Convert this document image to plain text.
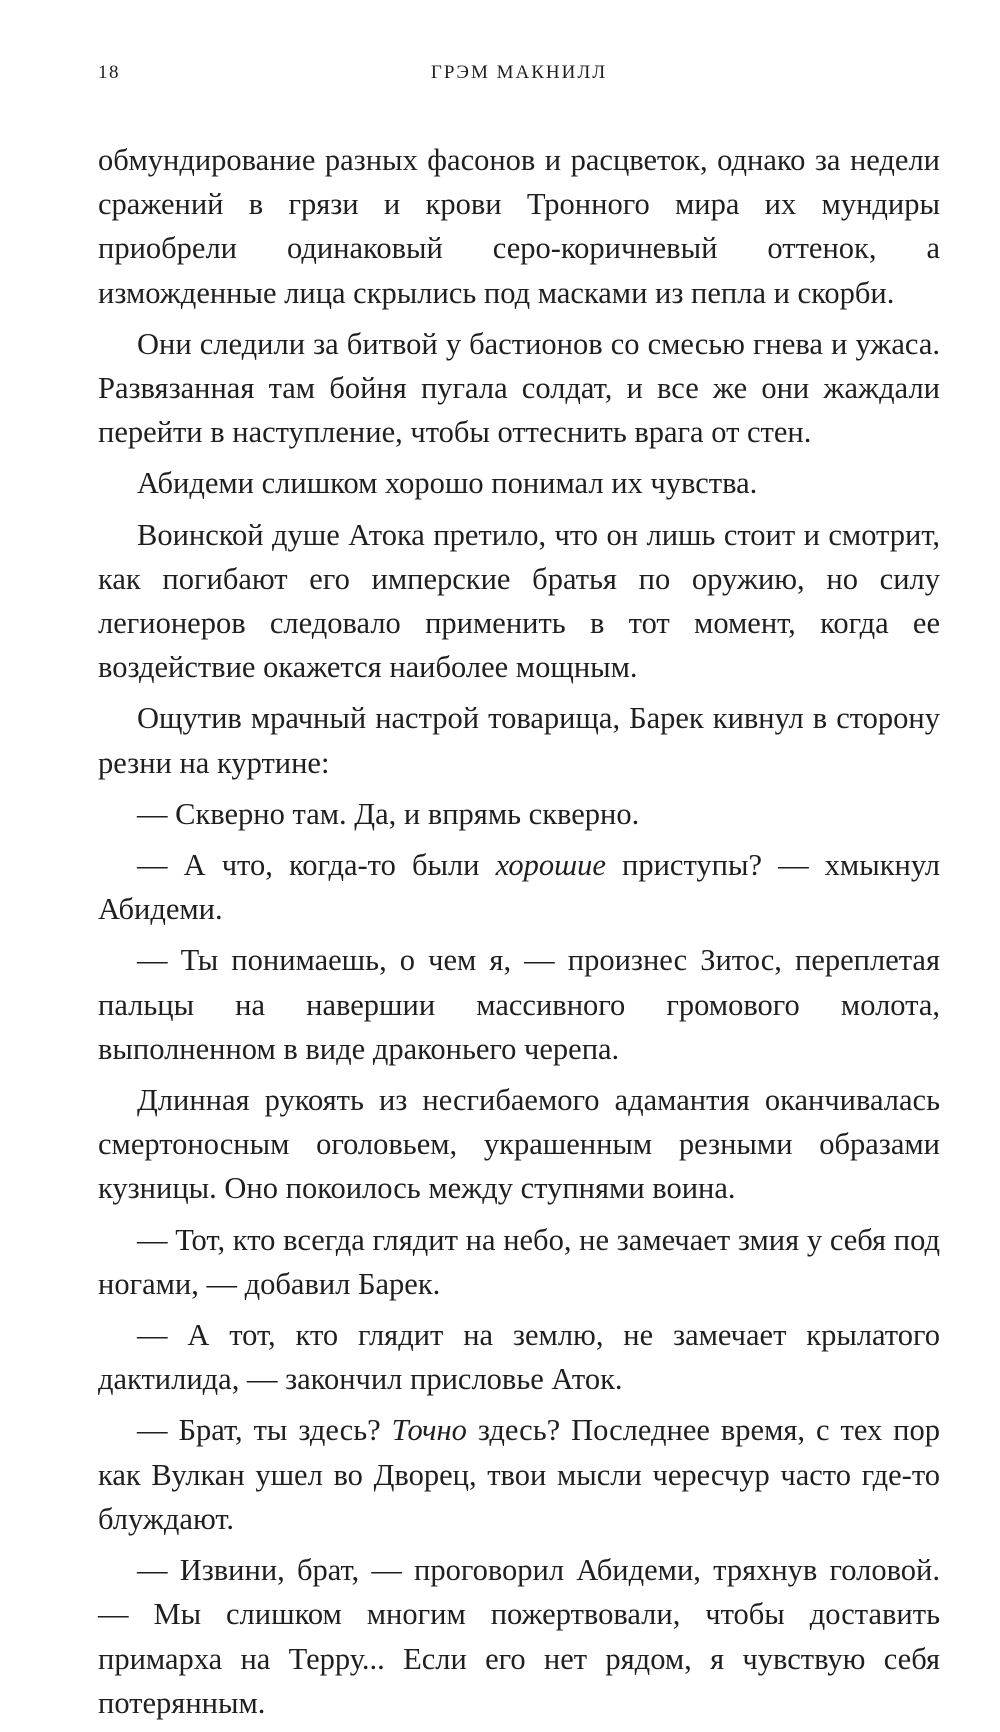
18	ГРЭМ МАКНИЛЛ

обмундирование разных фасонов и расцветок, однако за недели сражений в грязи и крови Тронного мира их мундиры приобрели одинаковый серо-коричневый оттенок, а изможденные лица скрылись под масками из пепла и скорби.

Они следили за битвой у бастионов со смесью гнева и ужаса. Развязанная там бойня пугала солдат, и все же они жаждали перейти в наступление, чтобы оттеснить врага от стен.

Абидеми слишком хорошо понимал их чувства.

Воинской душе Атока претило, что он лишь стоит и смотрит, как погибают его имперские братья по оружию, но силу легионеров следовало применить в тот момент, когда ее воздействие окажется наиболее мощным.

Ощутив мрачный настрой товарища, Барек кивнул в сторону резни на куртине:

— Скверно там. Да, и впрямь скверно.

— А что, когда-то были хорошие приступы? — хмыкнул Абидеми.

— Ты понимаешь, о чем я, — произнес Зитос, переплетая пальцы на навершии массивного громового молота, выполненном в виде драконьего черепа.

Длинная рукоять из несгибаемого адамантия оканчивалась смертоносным оголовьем, украшенным резными образами кузницы. Оно покоилось между ступнями воина.

— Тот, кто всегда глядит на небо, не замечает змия у себя под ногами, — добавил Барек.

— А тот, кто глядит на землю, не замечает крылатого дактилида, — закончил присловье Аток.

— Брат, ты здесь? Точно здесь? Последнее время, с тех пор как Вулкан ушел во Дворец, твои мысли чересчур часто где-то блуждают.

— Извини, брат, — проговорил Абидеми, тряхнув головой. — Мы слишком многим пожертвовали, чтобы доставить примарха на Терру... Если его нет рядом, я чувствую себя потерянным.
